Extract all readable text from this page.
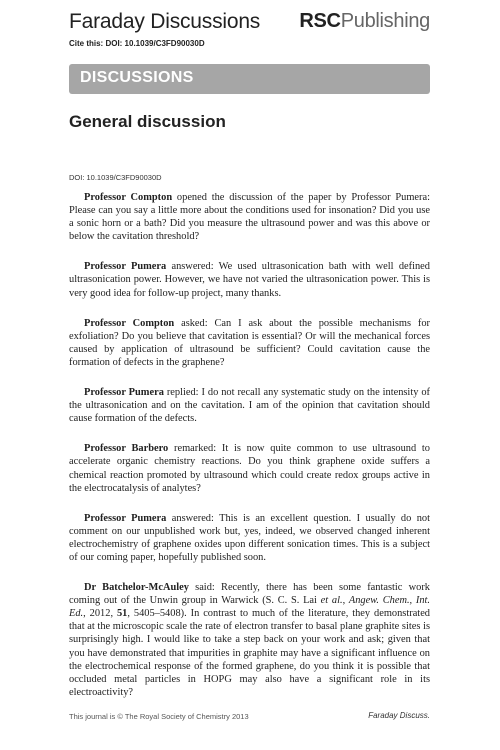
Faraday Discussions
Cite this: DOI: 10.1039/C3FD90030D
RSCPublishing
DISCUSSIONS
General discussion
DOI: 10.1039/C3FD90030D

Professor Compton opened the discussion of the paper by Professor Pumera: Please can you say a little more about the conditions used for insonation? Did you use a sonic horn or a bath? Did you measure the ultrasound power and was this above or below the cavitation threshold?

Professor Pumera answered: We used ultrasonication bath with well defined ultrasonication power. However, we have not varied the ultrasonication power. This is very good idea for follow-up project, many thanks.

Professor Compton asked: Can I ask about the possible mechanisms for exfoliation? Do you believe that cavitation is essential? Or will the mechanical forces caused by application of ultrasound be sufficient? Could cavitation cause the formation of defects in the graphene?

Professor Pumera replied: I do not recall any systematic study on the intensity of the ultrasonication and on the cavitation. I am of the opinion that cavitation should cause formation of the defects.

Professor Barbero remarked: It is now quite common to use ultrasound to accelerate organic chemistry reactions. Do you think graphene oxide suffers a chemical reaction promoted by ultrasound which could create redox groups active in the electrocatalysis of analytes?

Professor Pumera answered: This is an excellent question. I usually do not comment on our unpublished work but, yes, indeed, we observed changed inherent electrochemistry of graphene oxides upon different sonication times. This is a subject of our coming paper, hopefully published soon.

Dr Batchelor-McAuley said: Recently, there has been some fantastic work coming out of the Unwin group in Warwick (S. C. S. Lai et al., Angew. Chem., Int. Ed., 2012, 51, 5405–5408). In contrast to much of the literature, they demonstrated that at the microscopic scale the rate of electron transfer to basal plane graphite sites is surprisingly high. I would like to take a step back on your work and ask; given that you have demonstrated that impurities in graphite may have a significant influence on the electrochemical response of the formed graphene, do you think it is possible that occluded metal particles in HOPG may also have a significant role in its electroactivity?

This journal is © The Royal Society of Chemistry 2013	Faraday Discuss.
